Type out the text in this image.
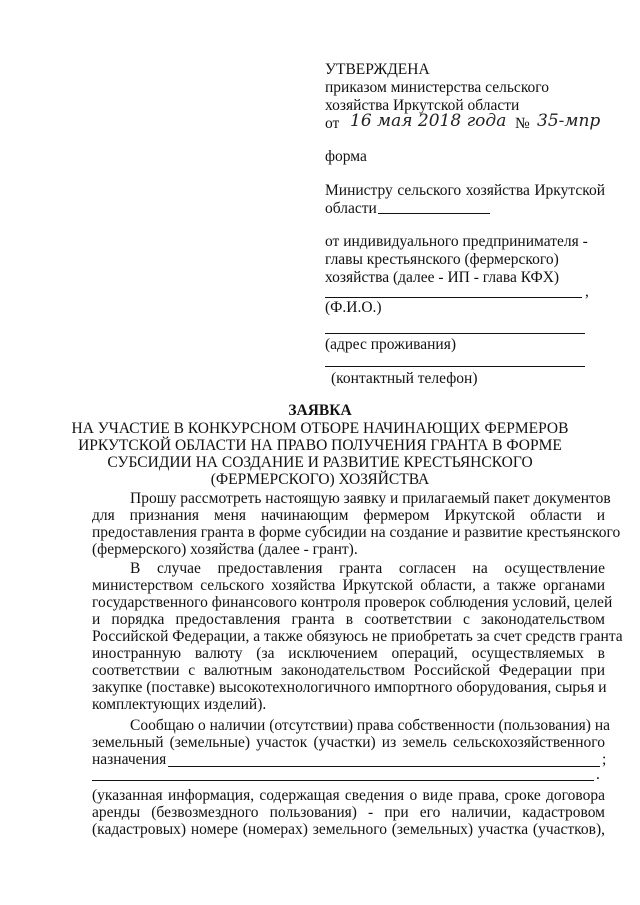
УТВЕРЖДЕНА
приказом министерства сельского
хозяйства Иркутской области
от 16 мая 2018 года № 35-мпр
форма
Министру сельского хозяйства Иркутской
области
от индивидуального предпринимателя -
главы крестьянского (фермерского)
хозяйства (далее - ИП - глава КФХ)
,
(Ф.И.О.)
(адрес проживания)
(контактный телефон)
ЗАЯВКА
НА УЧАСТИЕ В КОНКУРСНОМ ОТБОРЕ НАЧИНАЮЩИХ ФЕРМЕРОВ
ИРКУТСКОЙ ОБЛАСТИ НА ПРАВО ПОЛУЧЕНИЯ ГРАНТА В ФОРМЕ
СУБСИДИИ НА СОЗДАНИЕ И РАЗВИТИЕ КРЕСТЬЯНСКОГО
(ФЕРМЕРСКОГО) ХОЗЯЙСТВА
Прошу рассмотреть настоящую заявку и прилагаемый пакет документов
для признания меня начинающим фермером Иркутской области и
предоставления гранта в форме субсидии на создание и развитие крестьянского
(фермерского) хозяйства (далее - грант).
В случае предоставления гранта согласен на осуществление
министерством сельского хозяйства Иркутской области, а также органами
государственного финансового контроля проверок соблюдения условий, целей
и порядка предоставления гранта в соответствии с законодательством
Российской Федерации, а также обязуюсь не приобретать за счет средств гранта
иностранную валюту (за исключением операций, осуществляемых в
соответствии с валютным законодательством Российской Федерации при
закупке (поставке) высокотехнологичного импортного оборудования, сырья и
комплектующих изделий).
Сообщаю о наличии (отсутствии) права собственности (пользования) на
земельный (земельные) участок (участки) из земель сельскохозяйственного
назначения	;
.
(указанная информация, содержащая сведения о виде права, сроке договора
аренды (безвозмездного пользования) - при его наличии, кадастровом
(кадастровых) номере (номерах) земельного (земельных) участка (участков),
